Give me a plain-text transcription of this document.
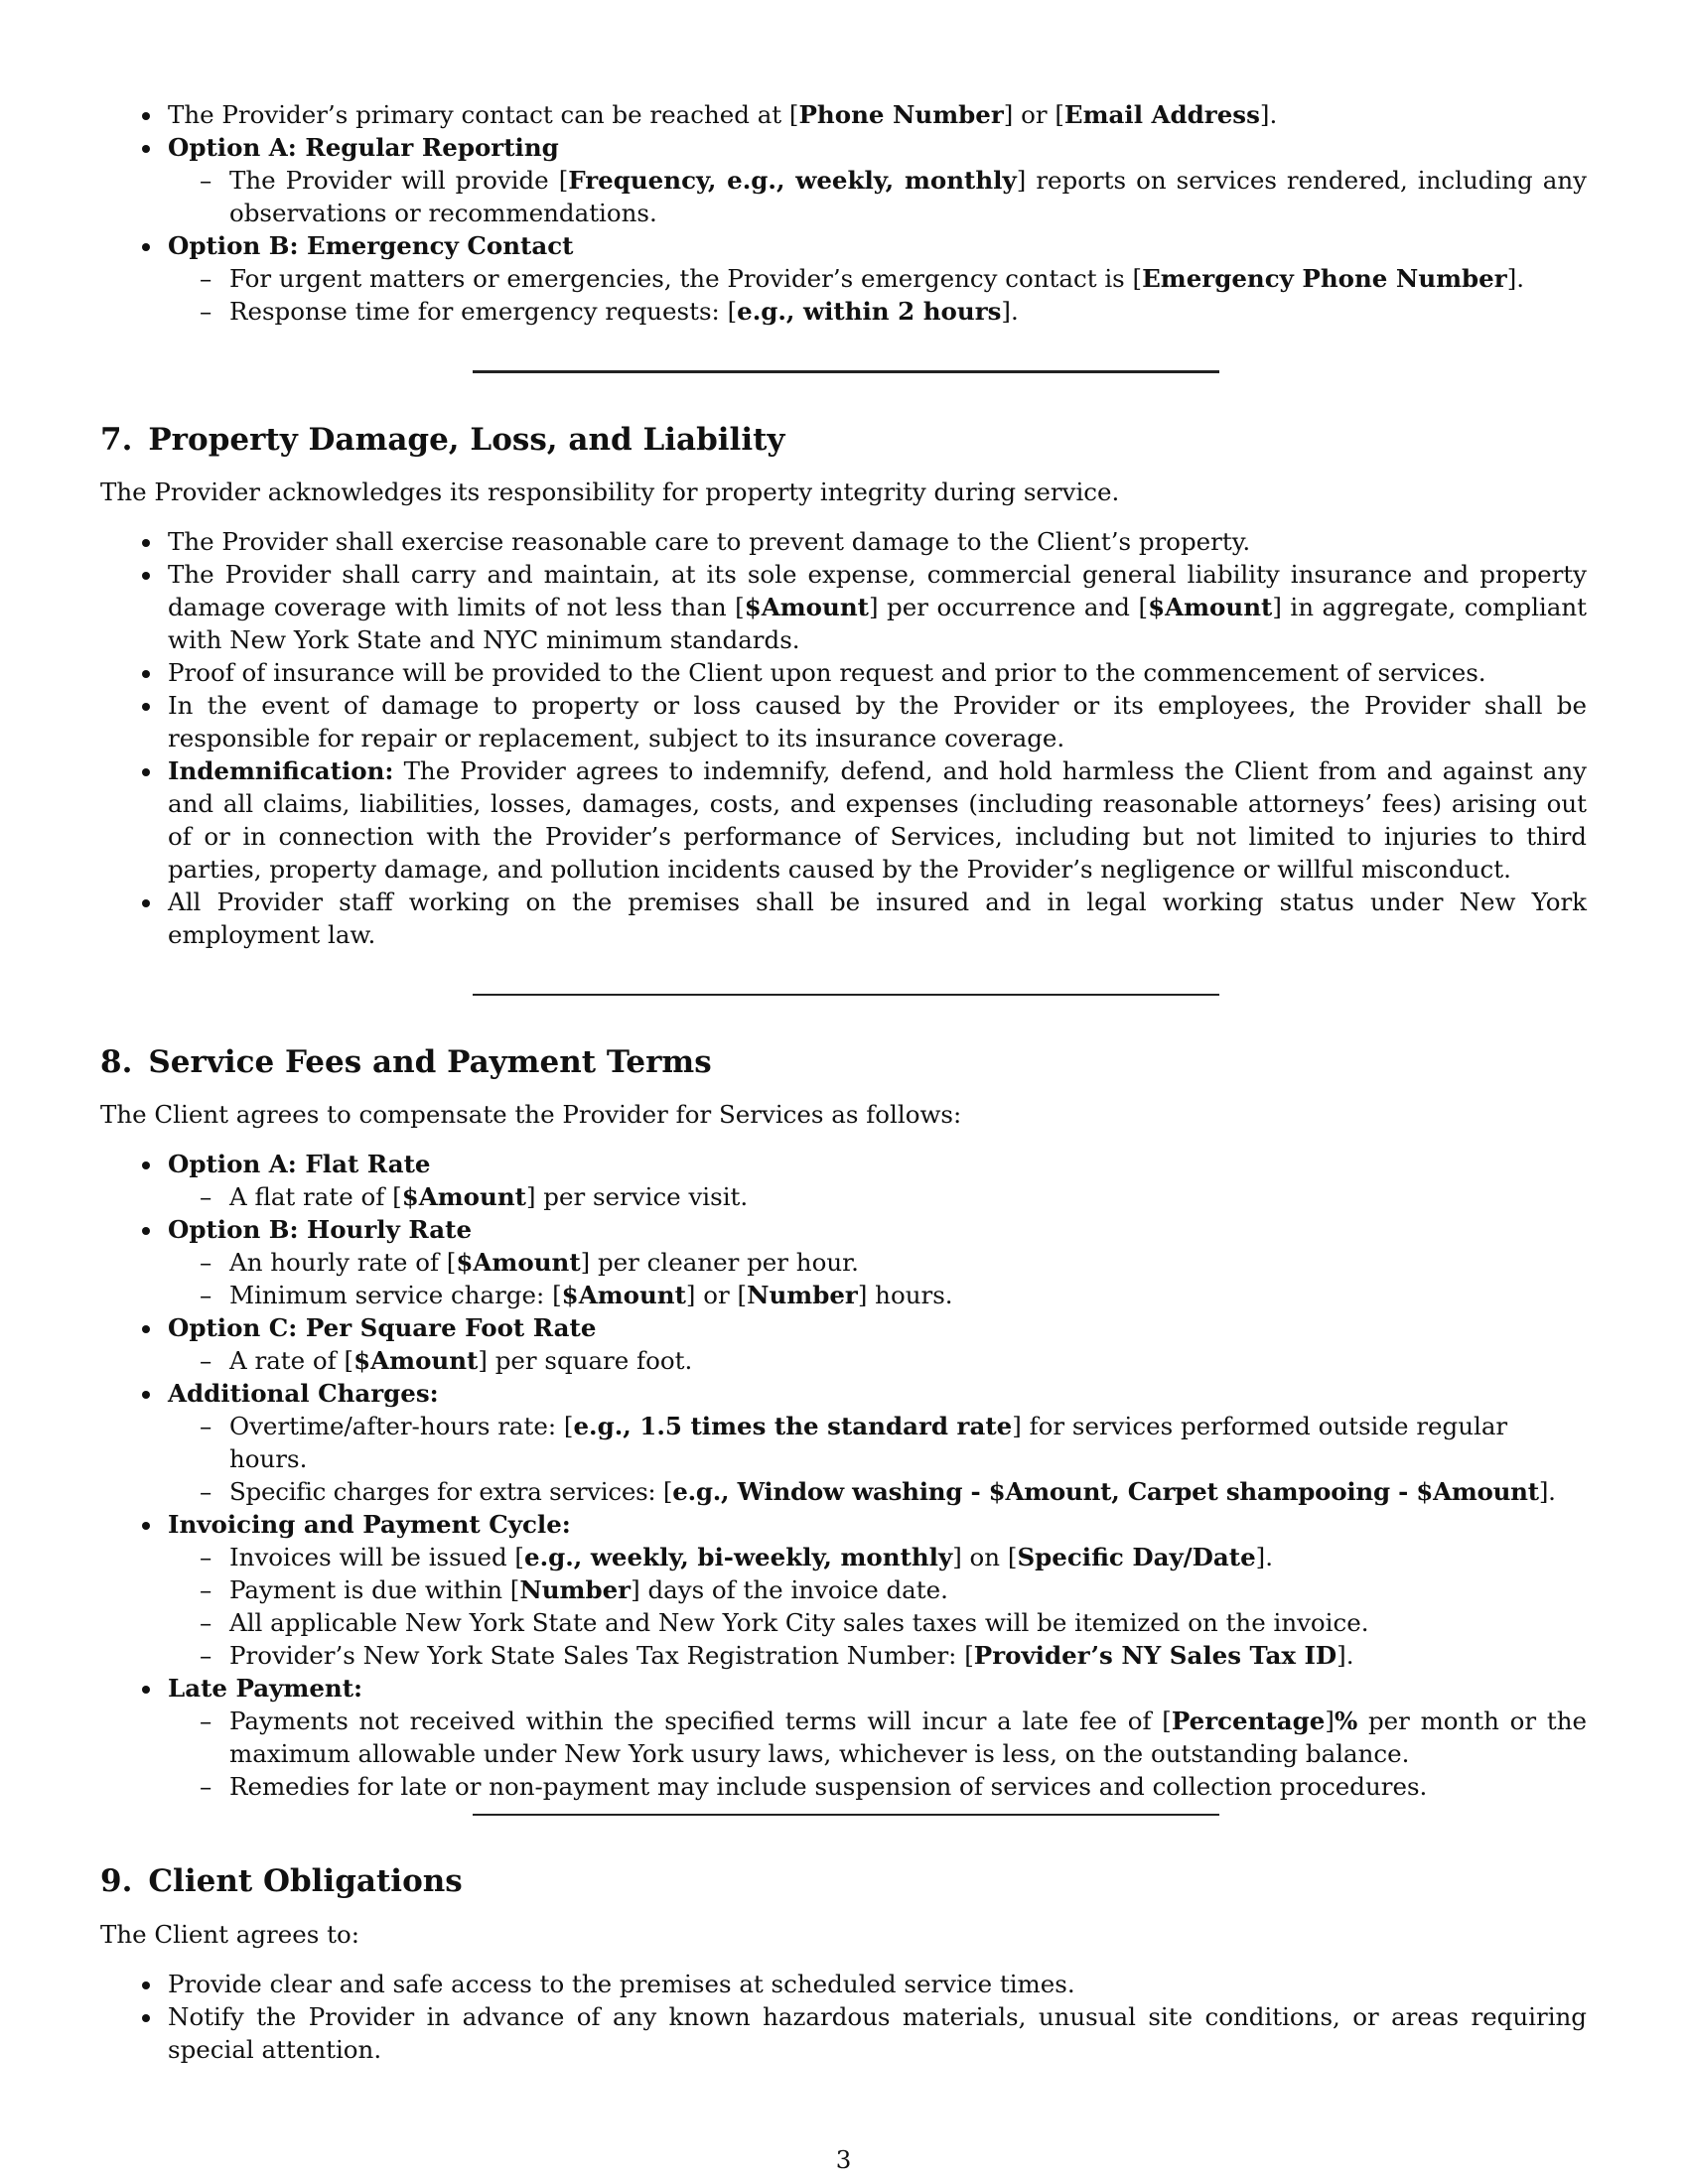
The Provider’s primary contact can be reached at [Phone Number] or [Email Address].
Option A: Regular Reporting
– The Provider will provide [Frequency, e.g., weekly, monthly] reports on services rendered, including any observations or recommendations.
Option B: Emergency Contact
– For urgent matters or emergencies, the Provider’s emergency contact is [Emergency Phone Number].
– Response time for emergency requests: [e.g., within 2 hours].
7. Property Damage, Loss, and Liability

The Provider acknowledges its responsibility for property integrity during service.

The Provider shall exercise reasonable care to prevent damage to the Client’s property.
The Provider shall carry and maintain, at its sole expense, commercial general liability insurance and property damage coverage with limits of not less than [$Amount] per occurrence and [$Amount] in aggregate, compliant with New York State and NYC minimum standards.
Proof of insurance will be provided to the Client upon request and prior to the commencement of services.
In the event of damage to property or loss caused by the Provider or its employees, the Provider shall be responsible for repair or replacement, subject to its insurance coverage.
Indemnification: The Provider agrees to indemnify, defend, and hold harmless the Client from and against any and all claims, liabilities, losses, damages, costs, and expenses (including reasonable attorneys’ fees) arising out of or in connection with the Provider’s performance of Services, including but not limited to injuries to third parties, property damage, and pollution incidents caused by the Provider’s negligence or willful misconduct.
All Provider staff working on the premises shall be insured and in legal working status under New York employment law.
8. Service Fees and Payment Terms

The Client agrees to compensate the Provider for Services as follows:

Option A: Flat Rate
– A flat rate of [$Amount] per service visit.
Option B: Hourly Rate
– An hourly rate of [$Amount] per cleaner per hour.
– Minimum service charge: [$Amount] or [Number] hours.
Option C: Per Square Foot Rate
– A rate of [$Amount] per square foot.
Additional Charges:
– Overtime/after-hours rate: [e.g., 1.5 times the standard rate] for services performed outside regular hours.
– Specific charges for extra services: [e.g., Window washing - $Amount, Carpet shampooing - $Amount].
Invoicing and Payment Cycle:
– Invoices will be issued [e.g., weekly, bi-weekly, monthly] on [Specific Day/Date].
– Payment is due within [Number] days of the invoice date.
– All applicable New York State and New York City sales taxes will be itemized on the invoice.
– Provider’s New York State Sales Tax Registration Number: [Provider’s NY Sales Tax ID].
Late Payment:
– Payments not received within the specified terms will incur a late fee of [Percentage]% per month or the maximum allowable under New York usury laws, whichever is less, on the outstanding balance.
– Remedies for late or non-payment may include suspension of services and collection procedures.
9. Client Obligations

The Client agrees to:

Provide clear and safe access to the premises at scheduled service times.
Notify the Provider in advance of any known hazardous materials, unusual site conditions, or areas requiring special attention.
3
